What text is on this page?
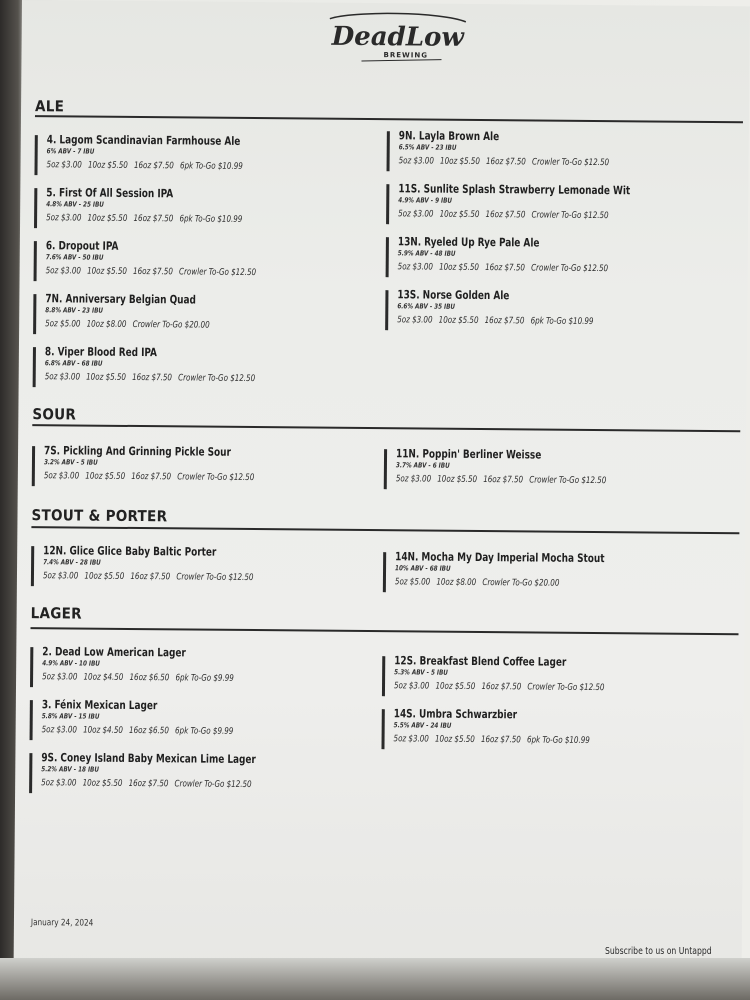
DeadLow
BREWING
ALE
4. Lagom Scandinavian Farmhouse Ale
6% ABV - 7 IBU
5oz $3.00 10oz $5.50 16oz $7.50 6pk To-Go $10.99
5. First Of All Session IPA
4.8% ABV - 25 IBU
5oz $3.00 10oz $5.50 16oz $7.50 6pk To-Go $10.99
6. Dropout IPA
7.6% ABV - 50 IBU
5oz $3.00 10oz $5.50 16oz $7.50 Crowler To-Go $12.50
7N. Anniversary Belgian Quad
8.8% ABV - 23 IBU
5oz $5.00 10oz $8.00 Crowler To-Go $20.00
8. Viper Blood Red IPA
6.8% ABV - 68 IBU
5oz $3.00 10oz $5.50 16oz $7.50 Crowler To-Go $12.50
9N. Layla Brown Ale
6.5% ABV - 23 IBU
5oz $3.00 10oz $5.50 16oz $7.50 Crowler To-Go $12.50
11S. Sunlite Splash Strawberry Lemonade Wit
4.9% ABV - 9 IBU
5oz $3.00 10oz $5.50 16oz $7.50 Crowler To-Go $12.50
13N. Ryeled Up Rye Pale Ale
5.9% ABV - 48 IBU
5oz $3.00 10oz $5.50 16oz $7.50 Crowler To-Go $12.50
13S. Norse Golden Ale
6.6% ABV - 35 IBU
5oz $3.00 10oz $5.50 16oz $7.50 6pk To-Go $10.99
SOUR
7S. Pickling And Grinning Pickle Sour
3.2% ABV - 5 IBU
5oz $3.00 10oz $5.50 16oz $7.50 Crowler To-Go $12.50
11N. Poppin' Berliner Weisse
3.7% ABV - 6 IBU
5oz $3.00 10oz $5.50 16oz $7.50 Crowler To-Go $12.50
STOUT & PORTER
12N. Glice Glice Baby Baltic Porter
7.4% ABV - 28 IBU
5oz $3.00 10oz $5.50 16oz $7.50 Crowler To-Go $12.50
14N. Mocha My Day Imperial Mocha Stout
10% ABV - 68 IBU
5oz $5.00 10oz $8.00 Crowler To-Go $20.00
LAGER
2. Dead Low American Lager
4.9% ABV - 10 IBU
5oz $3.00 10oz $4.50 16oz $6.50 6pk To-Go $9.99
3. Fénix Mexican Lager
5.8% ABV - 15 IBU
5oz $3.00 10oz $4.50 16oz $6.50 6pk To-Go $9.99
9S. Coney Island Baby Mexican Lime Lager
5.2% ABV - 18 IBU
5oz $3.00 10oz $5.50 16oz $7.50 Crowler To-Go $12.50
12S. Breakfast Blend Coffee Lager
5.3% ABV - 5 IBU
5oz $3.00 10oz $5.50 16oz $7.50 Crowler To-Go $12.50
14S. Umbra Schwarzbier
5.5% ABV - 24 IBU
5oz $3.00 10oz $5.50 16oz $7.50 6pk To-Go $10.99
January 24, 2024
Subscribe to us on Untappd
